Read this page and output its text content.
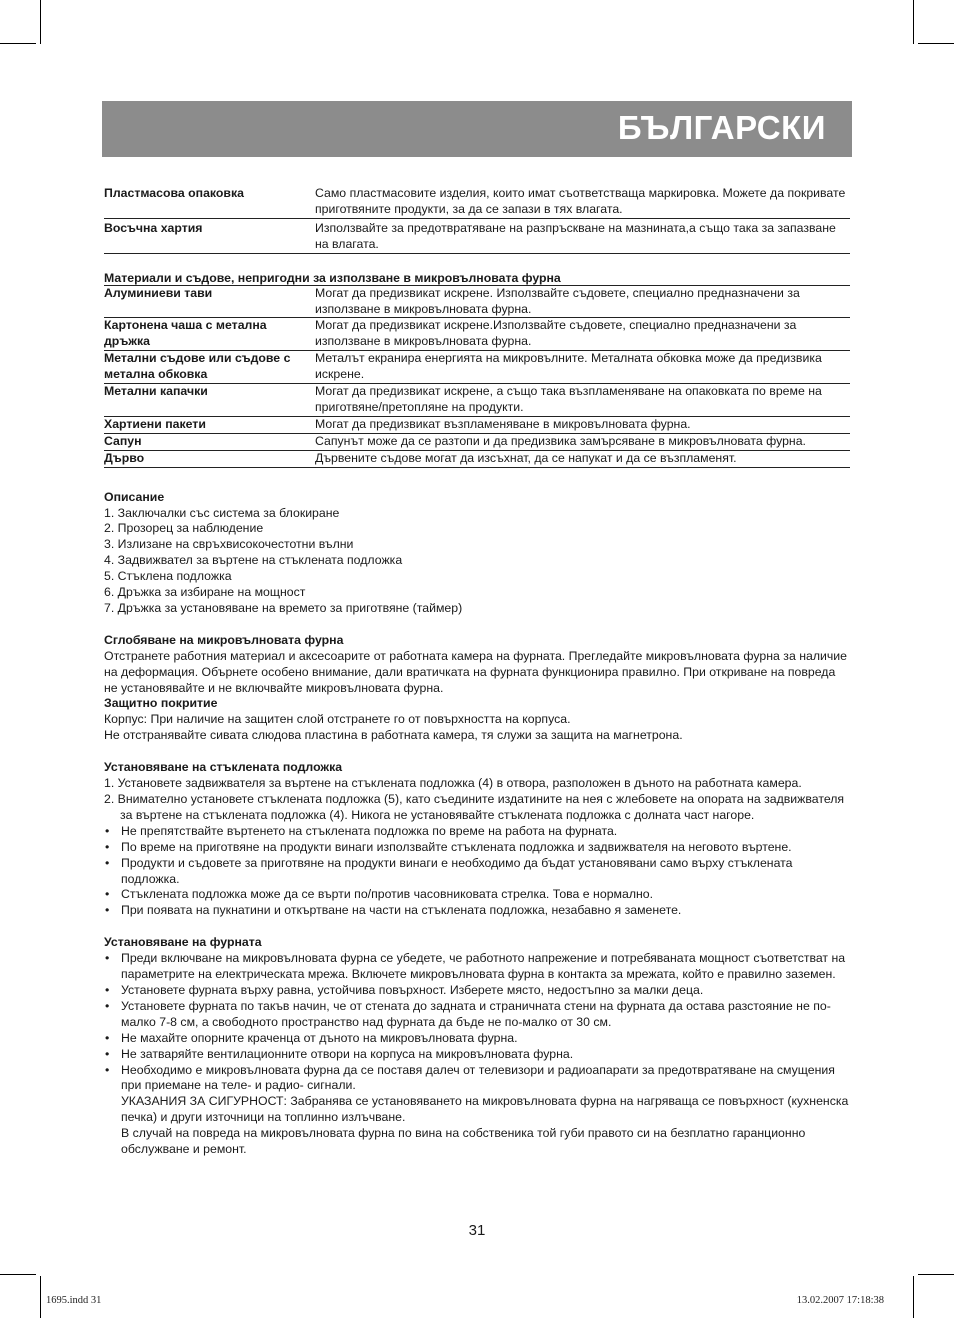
БЪЛГАРСКИ
Пластмасова опаковка	Само пластмасовите изделия, които имат съответстваща маркировка. Можете да покривате приготвяните продукти, за да се запази в тях влагата.
Восъчна хартия	Използвайте за предотвратяване на разпръскване на мазнината,а също така за запазване на влагата.
Материали и съдове, непригодни за използване в микровълновата фурна
Алуминиеви тави	Могат да предизвикат искрене. Използвайте съдовете, специално предназначени за използване в микровълновата фурна.
Картонена чаша с метална дръжка	Могат да предизвикат искрене.Използвайте съдовете, специално предназначени за използване в микровълновата фурна.
Метални съдове или съдове с метална обковка	Металът екранира енергията на микровълните. Металната обковка може да предизвика искрене.
Метални капачки	Могат да предизвикат искрене, а също така възпламеняване на опаковката по време на приготвяне/претопляне на продукти.
Хартиени пакети	Могат да предизвикат възпламеняване в микровълновата фурна.
Сапун	Сапунът може да се разтопи и да предизвика замърсяване в микровълновата фурна.
Дърво	Дървените съдове могат да изсъхнат, да се напукат и да се възпламенят.
Описание
1. Заключалки със система за блокиране
2. Прозорец за наблюдение
3. Излизане на свръхвисокочестотни вълни
4. Задвижвател за въртене на стъклената подложка
5. Стъклена подложка
6. Дръжка за избиране на мощност
7. Дръжка за установяване на времето за приготвяне (таймер)
Сглобяване на микровълновата фурна

Отстранете работния материал и аксесоарите от работната камера на фурната. Прегледайте микровълновата фурна за наличие на деформация. Обърнете особено внимание, дали вратичката на фурната функционира правилно. При откриване на повреда не установявайте и не включвайте микровълновата фурна.

Защитно покритие

Корпус: При наличие на защитен слой отстранете го от повърхността на корпуса.

Не отстранявайте сивата слюдова пластина в работната камера, тя служи за защита на магнетрона.

Установяване на стъклената подложка

1. Установете задвижвателя за въртене на стъклената подложка (4) в отвора, разположен в дъното на работната камера.

2. Внимателно установете стъклената подложка (5), като съедините издатините на нея с жлебовете на опората на задвижвателя за въртене на стъклената подложка (4). Никога не установявайте стъклената подложка с долната част нагоре.

• Не препятствайте въртенето на стъклената подложка по време на работа на фурната.
• По време на приготвяне на продукти винаги използвайте стъклената подложка и задвижвателя на неговото въртене.
• Продукти и съдовете за приготвяне на продукти винаги е необходимо да бъдат установявани само върху стъклената подложка.
• Стъклената подложка може да се върти по/против часовниковата стрелка. Това е нормално.
• При появата на пукнатини и откъртване на части на стъклената подложка, незабавно я заменете.
Установяване на фурната
• Преди включване на микровълновата фурна се убедете, че работното напрежение и потребяваната мощност съответстват на параметрите на електрическата мрежа. Включете микровълновата фурна в контакта за мрежата, който е правилно заземен.
• Установете фурната върху равна, устойчива повърхност. Изберете място, недостъпно за малки деца.
• Установете фурната по такъв начин, че от стената до задната и страничната стени на фурната да остава разстояние не по-малко 7-8 см, а свободното пространство над фурната да бъде не по-малко от 30 см.
• Не махайте опорните краченца от дъното на микровълновата фурна.
• Не затваряйте вентилационните отвори на корпуса на микровълновата фурна.
• Необходимо е микровълновата фурна да се поставя далеч от телевизори и радиоапарати за предотвратяване на смущения при приемане на теле- и радио- сигнали.
УКАЗАНИЯ ЗА СИГУРНОСТ: Забранява се установяването на микровълновата фурна на нагряваща се повърхност (кухненска печка) и други източници на топлинно излъчване.
В случай на повреда на микровълновата фурна по вина на собственика той губи правото си на безплатно гаранционно обслужване и ремонт.
31
1695.indd 31	13.02.2007 17:18:38
